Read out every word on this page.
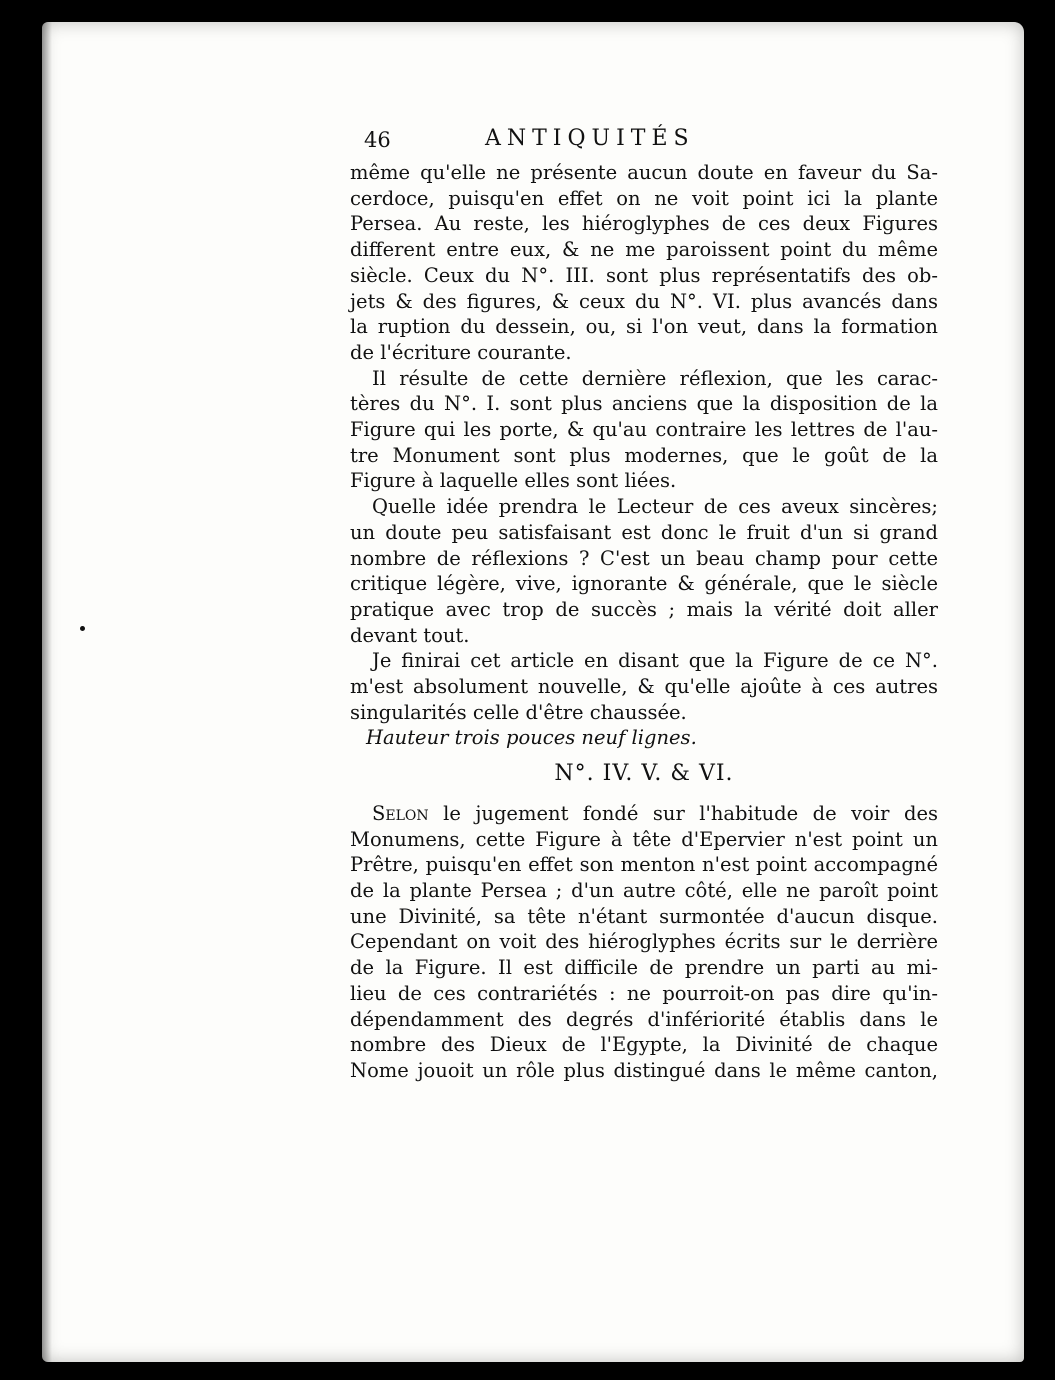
46	ANTIQUITÉS
même qu'elle ne présente aucun doute en faveur du Sa-
cerdoce, puisqu'en effet on ne voit point ici la plante
Persea. Au reste, les hiéroglyphes de ces deux Figures
different entre eux, & ne me paroissent point du même
siècle. Ceux du N°. III. sont plus représentatifs des ob-
jets & des figures, & ceux du N°. VI. plus avancés dans
la ruption du dessein, ou, si l'on veut, dans la formation
de l'écriture courante.
Il résulte de cette dernière réflexion, que les carac-
tères du N°. I. sont plus anciens que la disposition de la
Figure qui les porte, & qu'au contraire les lettres de l'au-
tre Monument sont plus modernes, que le goût de la
Figure à laquelle elles sont liées.
Quelle idée prendra le Lecteur de ces aveux sincères;
un doute peu satisfaisant est donc le fruit d'un si grand
nombre de réflexions ? C'est un beau champ pour cette
critique légère, vive, ignorante & générale, que le siècle
pratique avec trop de succès ; mais la vérité doit aller
devant tout.
Je finirai cet article en disant que la Figure de ce N°.
m'est absolument nouvelle, & qu'elle ajoûte à ces autres
singularités celle d'être chaussée.
Hauteur trois pouces neuf lignes.
N°. IV. V. & VI.
Selon le jugement fondé sur l'habitude de voir des
Monumens, cette Figure à tête d'Epervier n'est point un
Prêtre, puisqu'en effet son menton n'est point accompagné
de la plante Persea ; d'un autre côté, elle ne paroît point
une Divinité, sa tête n'étant surmontée d'aucun disque.
Cependant on voit des hiéroglyphes écrits sur le derrière
de la Figure. Il est difficile de prendre un parti au mi-
lieu de ces contrariétés : ne pourroit-on pas dire qu'in-
dépendamment des degrés d'infériorité établis dans le
nombre des Dieux de l'Egypte, la Divinité de chaque
Nome jouoit un rôle plus distingué dans le même canton,
